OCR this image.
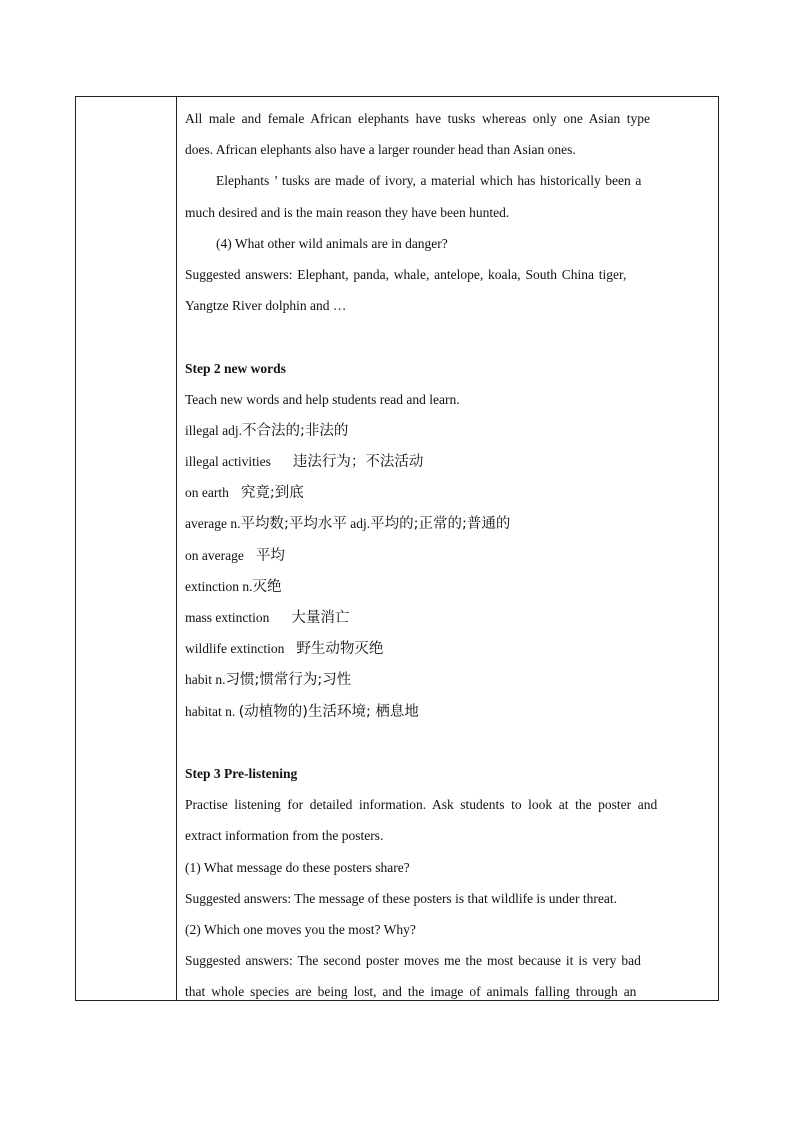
All male and female African elephants have tusks whereas only one Asian type
does. African elephants also have a larger rounder head than Asian ones.
Elephants ’ tusks are made of ivory, a material which has historically been a
much desired and is the main reason they have been hunted.
(4) What other wild animals are in danger?
Suggested answers: Elephant, panda, whale, antelope, koala, South China tiger,
Yangtze River dolphin and …
Step 2 new words
Teach new words and help students read and learn.
illegal adj.不合法的;非法的
illegal activities 违法行为；不法活动
on earth 究竟;到底
average n.平均数;平均水平 adj.平均的;正常的;普通的
on average 平均
extinction n.灭绝
mass extinction 大量消亡
wildlife extinction 野生动物灭绝
habit n.习惯;惯常行为;习性
habitat n. (动植物的)生活环境; 栖息地
Step 3 Pre-listening
Practise listening for detailed information. Ask students to look at the poster and
extract information from the posters.
(1) What message do these posters share?
Suggested answers: The message of these posters is that wildlife is under threat.
(2) Which one moves you the most? Why?
Suggested answers: The second poster moves me the most because it is very bad
that whole species are being lost, and the image of animals falling through an
